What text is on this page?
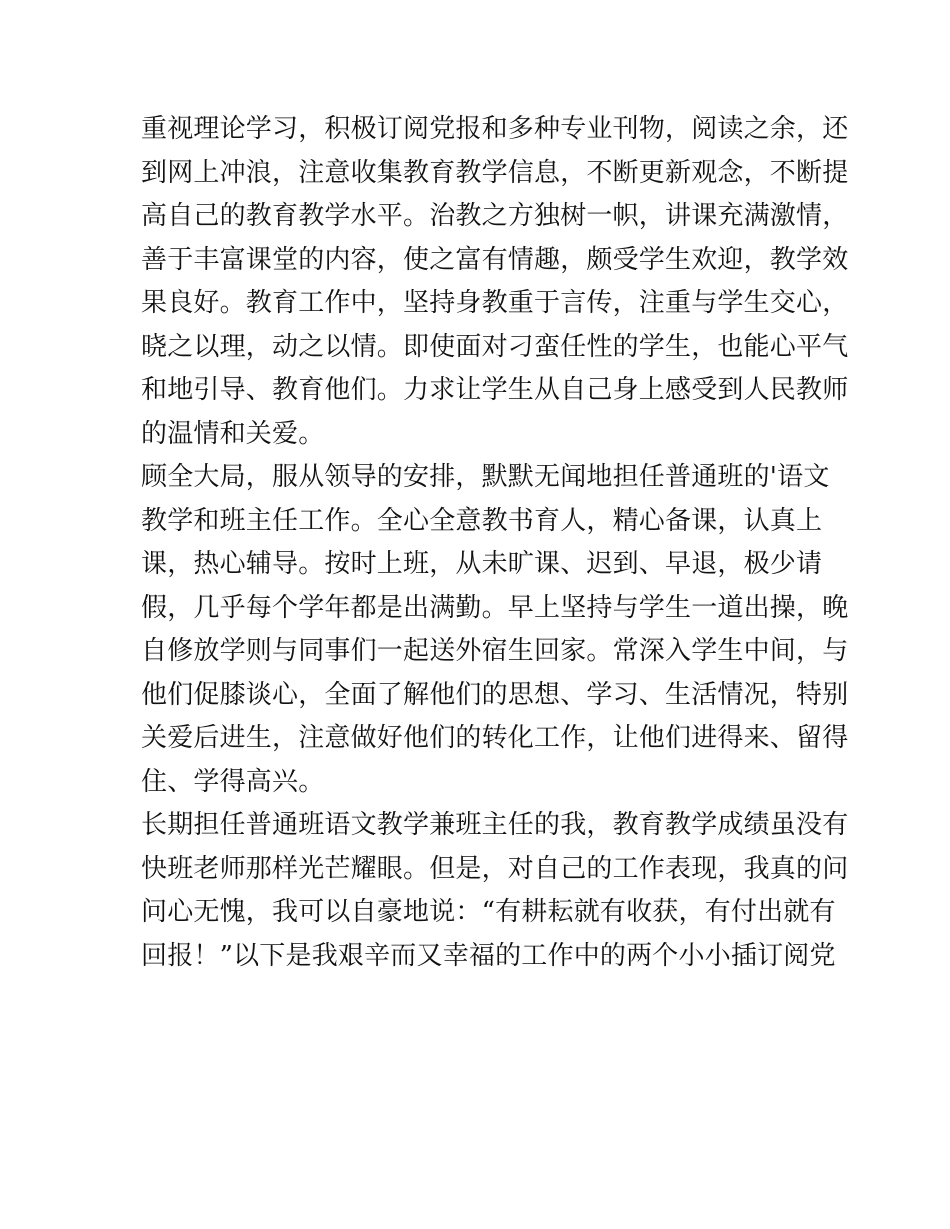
重视理论学习，积极订阅党报和多种专业刊物，阅读之余，还
到网上冲浪，注意收集教育教学信息，不断更新观念，不断提
高自己的教育教学水平。治教之方独树一帜，讲课充满激情，
善于丰富课堂的内容，使之富有情趣，颇受学生欢迎，教学效
果良好。教育工作中，坚持身教重于言传，注重与学生交心，
晓之以理，动之以情。即使面对刁蛮任性的学生，也能心平气
和地引导、教育他们。力求让学生从自己身上感受到人民教师
的温情和关爱。
顾全大局，服从领导的安排，默默无闻地担任普通班的'语文
教学和班主任工作。全心全意教书育人，精心备课，认真上
课，热心辅导。按时上班，从未旷课、迟到、早退，极少请
假，几乎每个学年都是出满勤。早上坚持与学生一道出操，晚
自修放学则与同事们一起送外宿生回家。常深入学生中间，与
他们促膝谈心，全面了解他们的思想、学习、生活情况，特别
关爱后进生，注意做好他们的转化工作，让他们进得来、留得
住、学得高兴。
长期担任普通班语文教学兼班主任的我，教育教学成绩虽没有
快班老师那样光芒耀眼。但是，对自己的工作表现，我真的问
问心无愧，我可以自豪地说：“有耕耘就有收获，有付出就有
回报！”以下是我艰辛而又幸福的工作中的两个小小插订阅党
